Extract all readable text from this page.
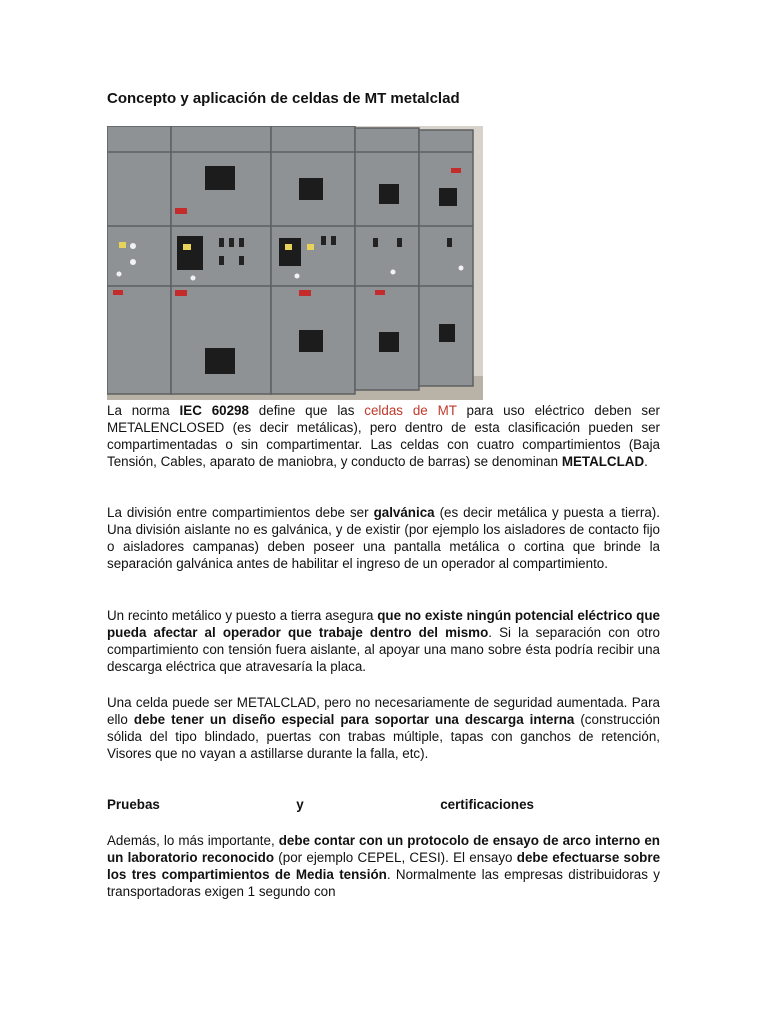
Concepto y aplicación de celdas de MT metalclad
La norma IEC 60298 define que las celdas de MT para uso eléctrico deben ser METALENCLOSED (es decir metálicas), pero dentro de esta clasificación pueden ser compartimentadas o sin compartimentar. Las celdas con cuatro compartimientos (Baja Tensión, Cables, aparato de maniobra, y conducto de barras) se denominan METALCLAD.
La división entre compartimientos debe ser galvánica (es decir metálica y puesta a tierra). Una división aislante no es galvánica, y de existir (por ejemplo los aisladores de contacto fijo o aisladores campanas) deben poseer una pantalla metálica o cortina que brinde la separación galvánica antes de habilitar el ingreso de un operador al compartimiento.
Un recinto metálico y puesto a tierra asegura que no existe ningún potencial eléctrico que pueda afectar al operador que trabaje dentro del mismo. Si la separación con otro compartimiento con tensión fuera aislante, al apoyar una mano sobre ésta podría recibir una descarga eléctrica que atravesaría la placa.
Una celda puede ser METALCLAD, pero no necesariamente de seguridad aumentada. Para ello debe tener un diseño especial para soportar una descarga interna (construcción sólida del tipo blindado, puertas con trabas múltiple, tapas con ganchos de retención, Visores que no vayan a astillarse durante la falla, etc).
Pruebas	y	certificaciones
Además, lo más importante, debe contar con un protocolo de ensayo de arco interno en un laboratorio reconocido (por ejemplo CEPEL, CESI). El ensayo debe efectuarse sobre los tres compartimientos de Media tensión. Normalmente las empresas distribuidoras y transportadoras exigen 1 segundo con
